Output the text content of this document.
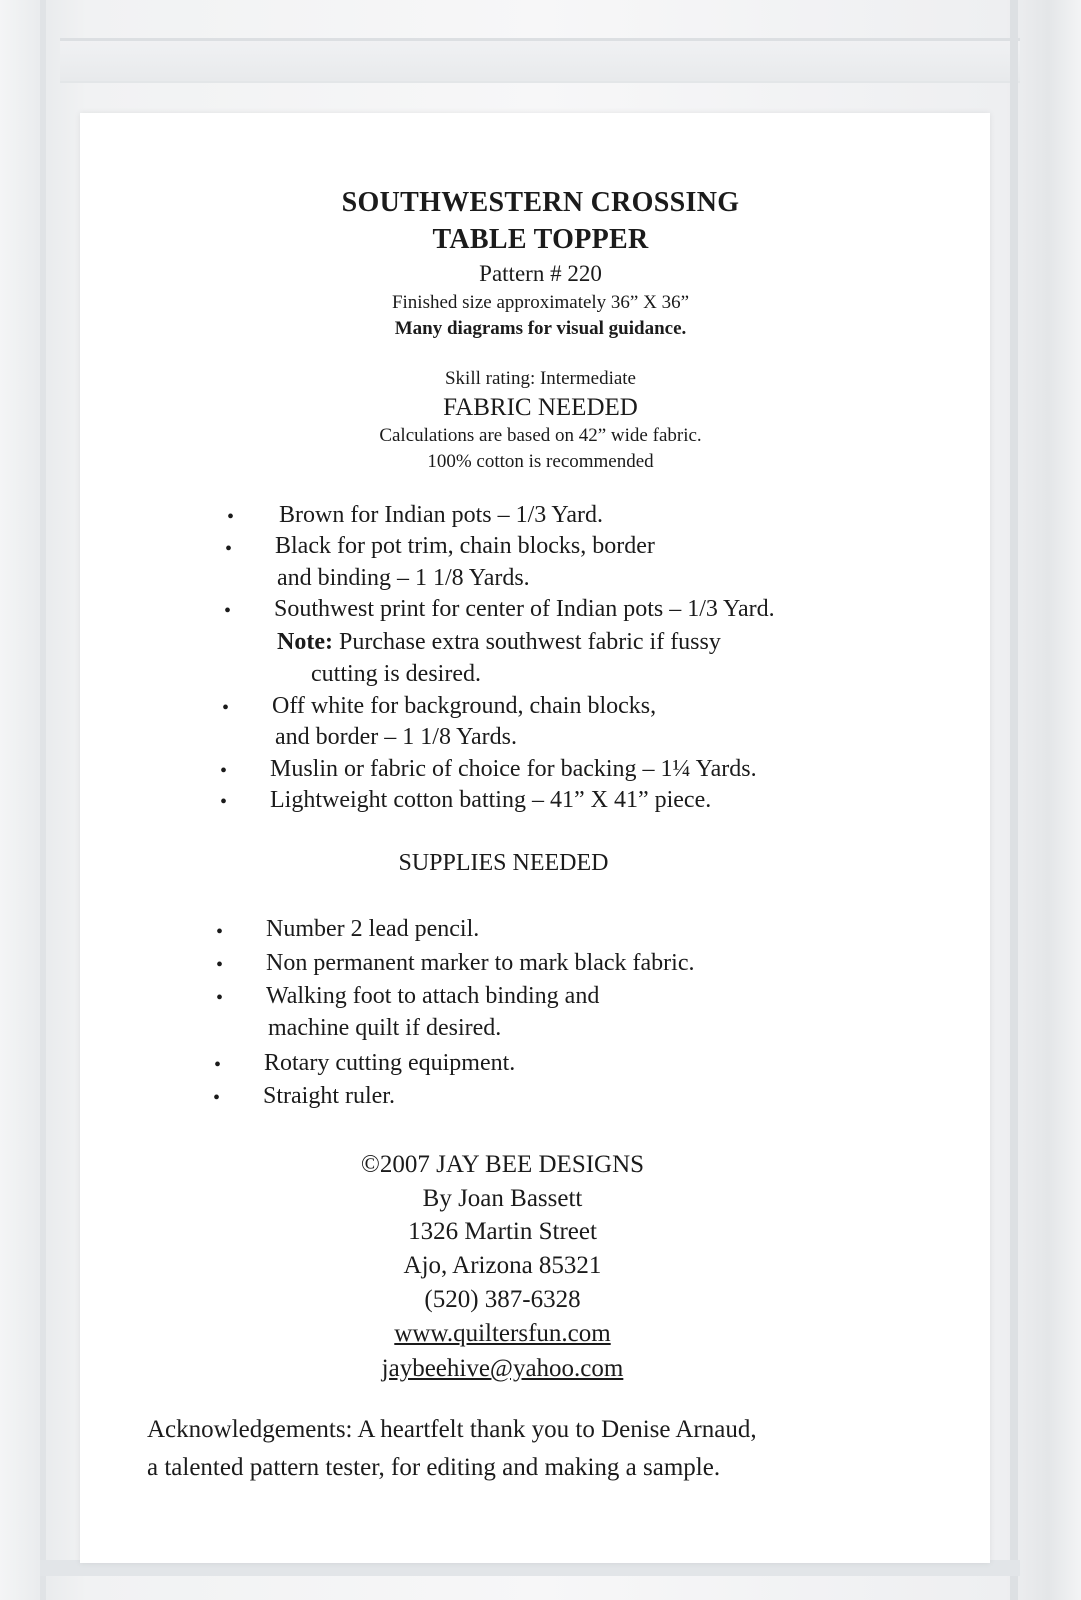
SOUTHWESTERN CROSSING
TABLE TOPPER
Pattern # 220
Finished size approximately 36” X 36”
Many diagrams for visual guidance.
Skill rating: Intermediate
FABRIC NEEDED
Calculations are based on 42” wide fabric.
100% cotton is recommended
• Brown for Indian pots – 1/3 Yard.
• Black for pot trim, chain blocks, border
and binding – 1 1/8 Yards.
• Southwest print for center of Indian pots – 1/3 Yard.
Note: Purchase extra southwest fabric if fussy
cutting is desired.
• Off white for background, chain blocks,
and border – 1 1/8 Yards.
• Muslin or fabric of choice for backing – 1¼ Yards.
• Lightweight cotton batting – 41” X 41” piece.
SUPPLIES NEEDED
• Number 2 lead pencil.
• Non permanent marker to mark black fabric.
• Walking foot to attach binding and
machine quilt if desired.
• Rotary cutting equipment.
• Straight ruler.
©2007 JAY BEE DESIGNS
By Joan Bassett
1326 Martin Street
Ajo, Arizona 85321
(520) 387-6328
www.quiltersfun.com
jaybeehive@yahoo.com
Acknowledgements: A heartfelt thank you to Denise Arnaud,
a talented pattern tester, for editing and making a sample.
